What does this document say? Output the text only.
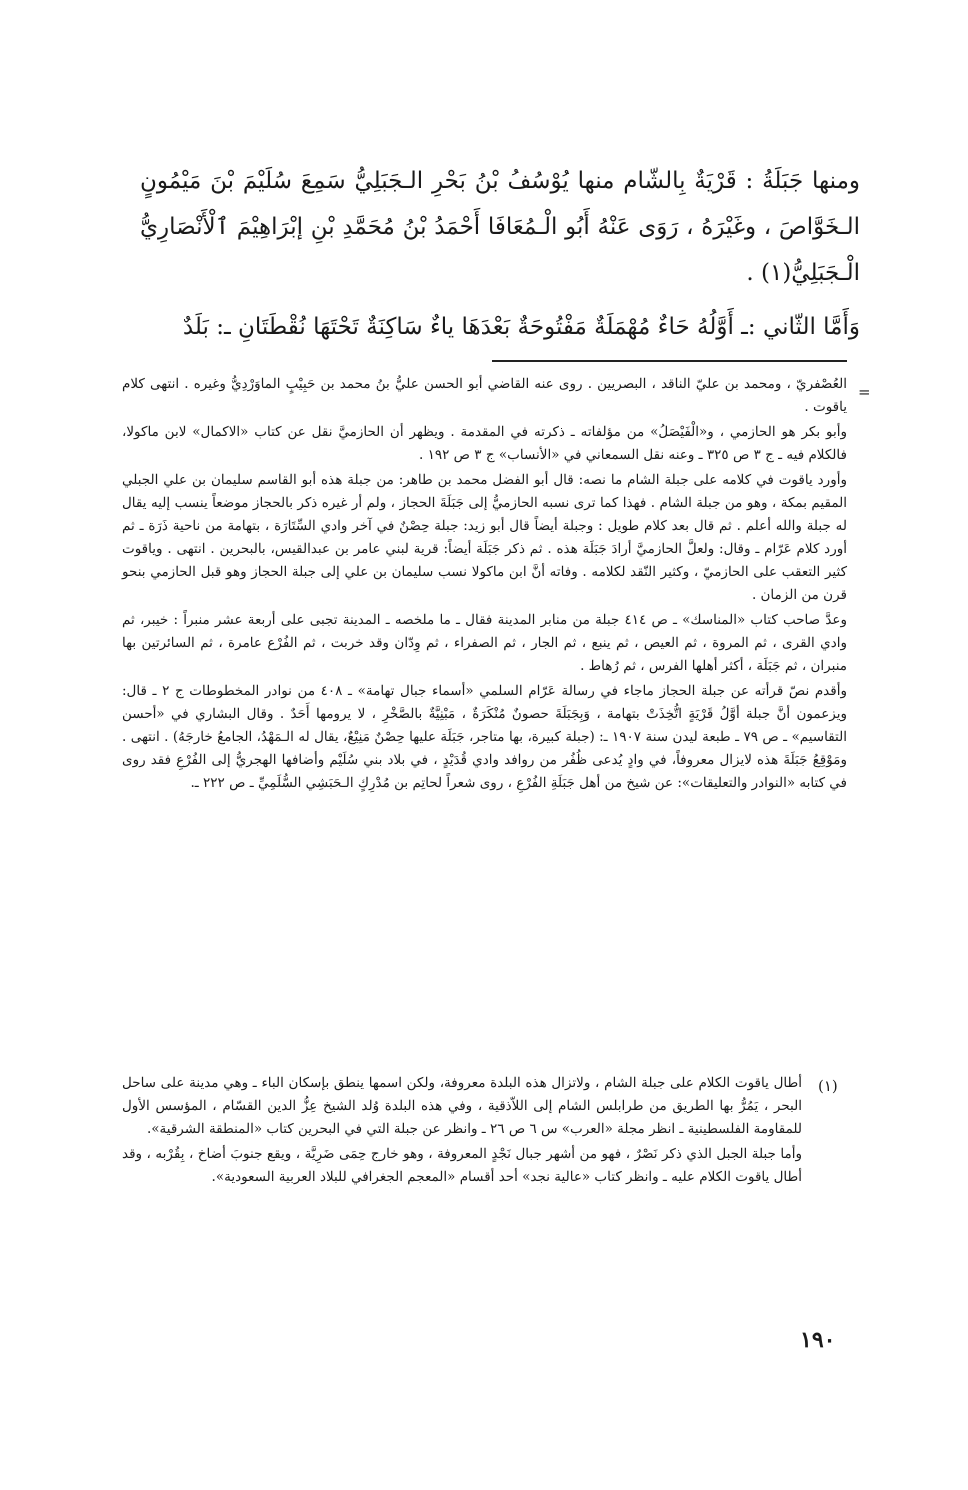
ومنها جَبَلَةُ : قَرْيَةٌ بِالشّام منها يُوْسُفُ بْنُ بَحْرِ الـجَبَلِيُّ سَمِعَ سُلَيْمَ بْنَ مَيْمُونٍ الـخَوَّاصَ ، وغَيْرَهُ ، رَوَى عَنْهُ أَبُو الْـمُعَافَا أَحْمَدُ بْنُ مُحَمَّدِ بْنِ إبْرَاهِيْمَ ٱلْأَنْصَارِيُّ الْـجَبَلِيُّ(١) .

وَأَمَّا الثّاني :ـ أَوَّلُهُ حَاءٌ مُهْمَلَةٌ مَفْتُوحَةٌ بَعْدَهَا ياءٌ سَاكِنَةٌ تَحْتَهَا نُقْطَتَانِ ـ: بَلَدٌ

=

العُصْفريّ ، ومحمد بن عليّ الناقد ، البصريين . روى عنه القاضي أبو الحسن عليُّ بنُ محمد بن حَبِيْبٍ الماوَرْدِيُّ وغيره . انتهى كلام ياقوت .

وأبو بكر هو الحازمي ، و«الْفَيْصَلُ» من مؤلفاته ـ ذكرته في المقدمة . ويظهر أن الحازميَّ نقل عن كتاب «الاكمال» لابن ماكولا، فالكلام فيه ـ ج ٣ ص ٣٢٥ ـ وعنه نقل السمعاني في «الأنساب» ج ٣ ص ١٩٢ .

وأورد ياقوت في كلامه على جبلة الشام ما نصه: قال أبو الفضل محمد بن طاهر: من جبلة هذه أبو القاسم سليمان بن علي الجبلي المقيم بمكة ، وهو من جبلة الشام . فهذا كما ترى نسبه الحازميُّ إلى جَبَلَةَ الحجاز ، ولم أر غيره ذكر بالحجاز موضعاً ينسب إليه يقال له جبلة والله أعلم . ثم قال بعد كلام طويل : وجبلة أيضاً قال أبو زيد: جبلة حِصْنٌ في آخر وادي السِّتَارَة ، بتهامة من ناحية ذَرَة ـ ثم أورد كلام عَرّام ـ وقال: ولعلَّ الحازميَّ أرادَ جَبَلَة هذه . ثم ذكر جَبَلَة أيضاً: قرية لبني عامر بن عبدالقيس، بالبحرين . انتهى . وياقوت كثير التعقب على الحازميّ ، وكثير النّقد لكلامه . وفاته أنَّ ابن ماكولا نسب سليمان بن علي إلى جبلة الحجاز وهو قبل الحازمي بنحو قرن من الزمان .

وعدَّ صاحب كتاب «المناسك» ـ ص ٤١٤ جبلة من منابر المدينة فقال ـ ما ملخصه ـ المدينة تجبى على أربعة عشر منبراً : خيبر، ثم وادي القرى ، ثم المروة ، ثم العيص ، ثم ينبع ، ثم الجار ، ثم الصفراء ، ثم وِدّان وقد خربت ، ثم الفُرْع عامرة ، ثم السائرتين بها منبران ، ثم جَبَلَة ، أكثر أهلها الفرس ، ثم رُهاط .

وأقدم نصّ قرأته عن جبلة الحجاز ماجاء في رسالة عَرّام السلمي «أسماء جبال تهامة» ـ ٤٠٨ من نوادر المخطوطات ج ٢ ـ قال: ويزعمون أنَّ جبلة أوَّلُ قَرْيَةٍ اتُّخِذَتْ بتهامة ، وَبِجَبَلَةَ حصونٌ مُنْكَرَةٌ ، مَبْنِيَّةٌ بالصَّخْرِ ، لا يرومها أَحَدٌ . وقال البشاري في «أحسن التقاسيم» ـ ص ٧٩ ـ طبعة ليدن سنة ١٩٠٧ ـ: (جبلة كبيرة، بها متاجر، جَبَلَة عليها حِصْنٌ مَنِيْعٌ، يقال له الـمَهْدُ، الجامعُ خارجَهُ) . انتهى . ومَوْقِعُ جَبَلَةَ هذه لايزال معروفاً، في وادٍ يُدعى ظُفُر من روافد وادي قُدَيْدٍ ، في بلاد بني سُلَيْم وأضافها الهجريُّ إلى الفُرْعِ فقد روى في كتابه «النوادر والتعليقات»: عن شيخ من أهل جَبَلَةِ الفُرْعِ ، روى شعراً لحاتِم بن مُدْرِكٍ الـحَبَشِي السُّلَمِيِّ ـ ص ٢٢٢ ـ.

(١)

أطال ياقوت الكلام على جبلة الشام ، ولاتزال هذه البلدة معروفة، ولكن اسمها ينطق بإسكان الباء ـ وهي مدينة على ساحل البحر ، يَمُرُّ بها الطريق من طرابلس الشام إلى اللاّذقية ، وفي هذه البلدة وُلد الشيخ عِزُّ الدين القسّام ، المؤسس الأول للمقاومة الفلسطينية ـ انظر مجلة «العرب» س ٦ ص ٢٦ ـ وانظر عن جبلة التي في البحرين كتاب «المنطقة الشرقية».

وأما جبلة الجبل الذي ذكر نَصْرٌ ، فهو من أشهر جبال نَجْدٍ المعروفة ، وهو خارج حِمَى ضَرِيَّة ، ويقع جنوبَ أضاخ ، بِقُرْبه ، وقد أطال ياقوت الكلام عليه ـ وانظر كتاب «عالية نجد» أحد أقسام «المعجم الجغرافي للبلاد العربية السعودية».

١٩٠
